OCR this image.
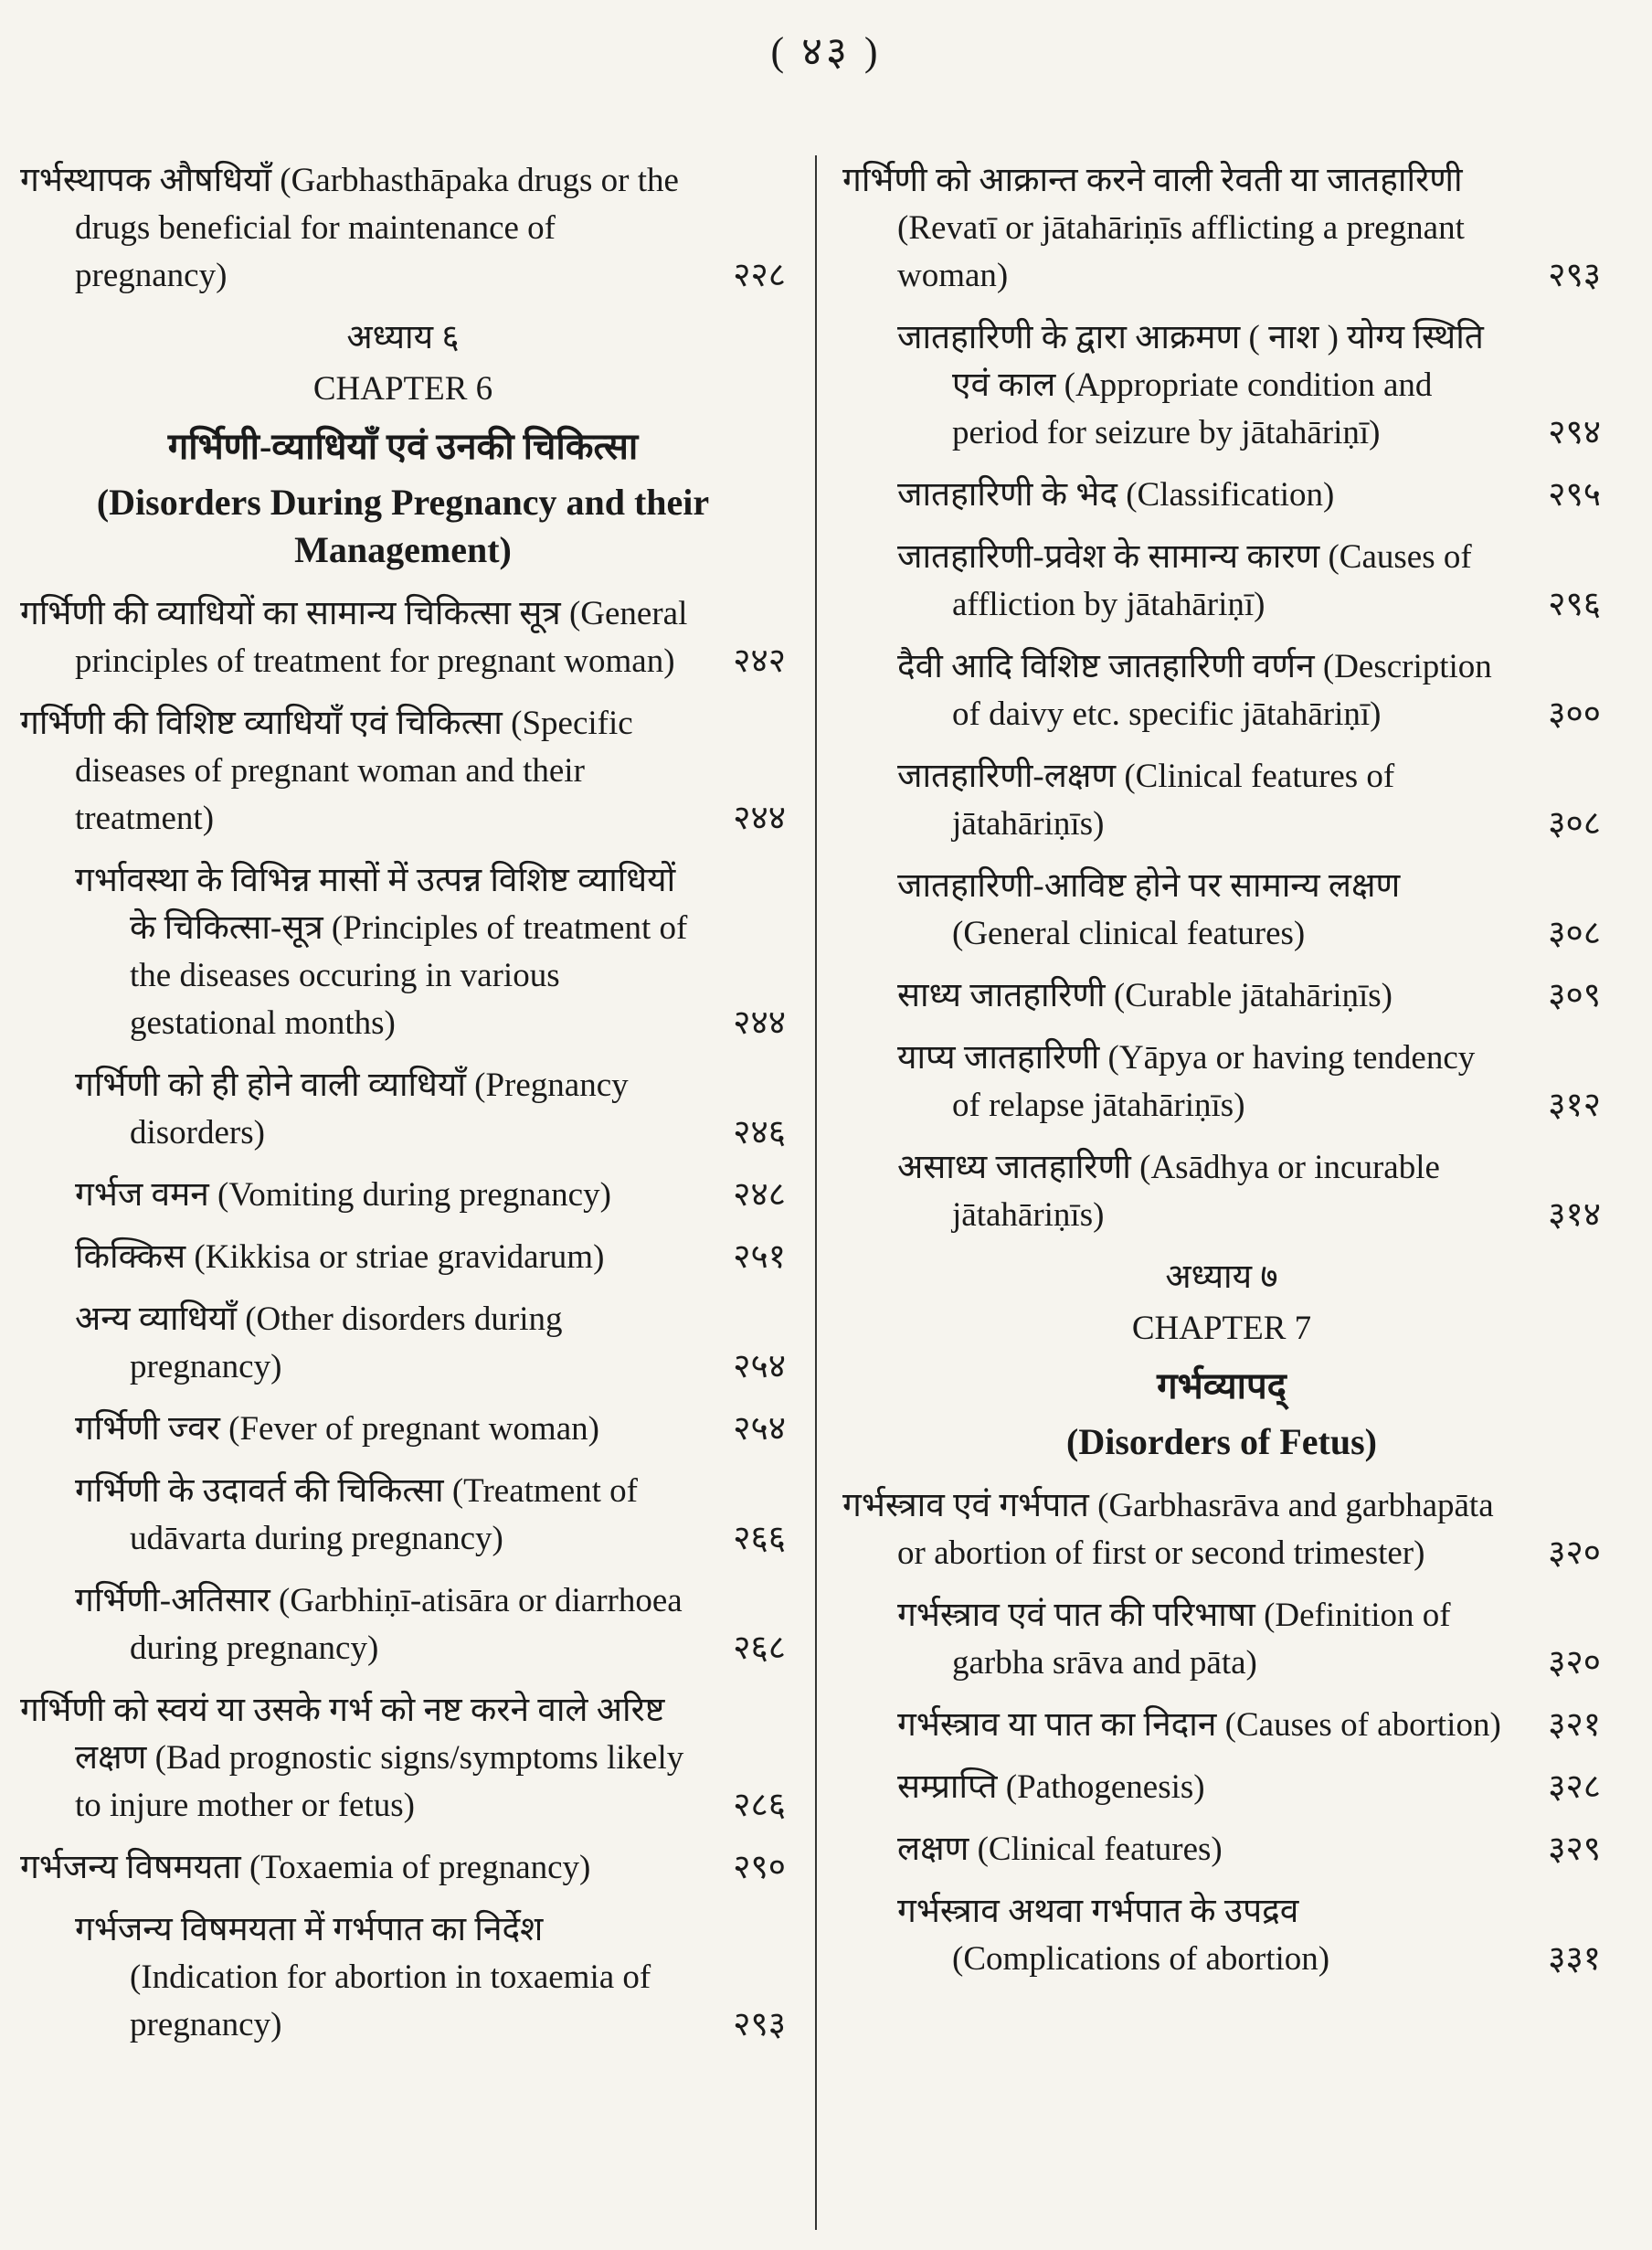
( ४३ )
गर्भस्थापक औषधियाँ (Garbhasthāpaka drugs or the drugs beneficial for maintenance of pregnancy)	२२८
अध्याय ६
CHAPTER 6
गर्भिणी-व्याधियाँ एवं उनकी चिकित्सा
(Disorders During Pregnancy and their Management)
गर्भिणी की व्याधियों का सामान्य चिकित्सा सूत्र (General principles of treatment for pregnant woman) २४२
गर्भिणी की विशिष्ट व्याधियाँ एवं चिकित्सा (Specific diseases of pregnant woman and their treatment)	२४४
गर्भावस्था के विभिन्न मासों में उत्पन्न विशिष्ट व्याधियों के चिकित्सा-सूत्र (Principles of treatment of the diseases occuring in various gestational months)	२४४
गर्भिणी को ही होने वाली व्याधियाँ (Pregnancy disorders)	२४६
गर्भज वमन (Vomiting during pregnancy)	२४८
किक्किस (Kikkisa or striae gravidarum)	२५१
अन्य व्याधियाँ (Other disorders during pregnancy)	२५४
गर्भिणी ज्वर (Fever of pregnant woman)	२५४
गर्भिणी के उदावर्त की चिकित्सा (Treatment of udāvarta during pregnancy)	२६६
गर्भिणी-अतिसार (Garbhiṇī-atisāra or diarrhoea during pregnancy)	२६८
गर्भिणी को स्वयं या उसके गर्भ को नष्ट करने वाले अरिष्ट लक्षण (Bad prognostic signs/symptoms likely to injure mother or fetus)	२८६
गर्भजन्य विषमयता (Toxaemia of pregnancy)	२९०
गर्भजन्य विषमयता में गर्भपात का निर्देश (Indication for abortion in toxaemia of pregnancy)	२९३
गर्भिणी को आक्रान्त करने वाली रेवती या जातहारिणी (Revatī or jātahāriṇīs afflicting a pregnant woman)	२९३
जातहारिणी के द्वारा आक्रमण ( नाश ) योग्य स्थिति एवं काल (Appropriate condition and period for seizure by jātahāriṇī)	२९४
जातहारिणी के भेद (Classification)	२९५
जातहारिणी-प्रवेश के सामान्य कारण (Causes of affliction by jātahāriṇī)	२९६
दैवी आदि विशिष्ट जातहारिणी वर्णन (Description of daivy etc. specific jātahāriṇī)	३००
जातहारिणी-लक्षण (Clinical features of jātahāriṇīs)	३०८
जातहारिणी-आविष्ट होने पर सामान्य लक्षण (General clinical features)	३०८
साध्य जातहारिणी (Curable jātahāriṇīs)	३०९
याप्य जातहारिणी (Yāpya or having tendency of relapse jātahāriṇīs)	३१२
असाध्य जातहारिणी (Asādhya or incurable jātahāriṇīs)	३१४
अध्याय ७
CHAPTER 7
गर्भव्यापद्
(Disorders of Fetus)
गर्भस्त्राव एवं गर्भपात (Garbhasrāva and garbhapāta or abortion of first or second trimester)	३२०
गर्भस्त्राव एवं पात की परिभाषा (Definition of garbha srāva and pāta)	३२०
गर्भस्त्राव या पात का निदान (Causes of abortion) ३२१
सम्प्राप्ति (Pathogenesis)	३२८
लक्षण (Clinical features)	३२९
गर्भस्त्राव अथवा गर्भपात के उपद्रव (Complications of abortion)	३३१
